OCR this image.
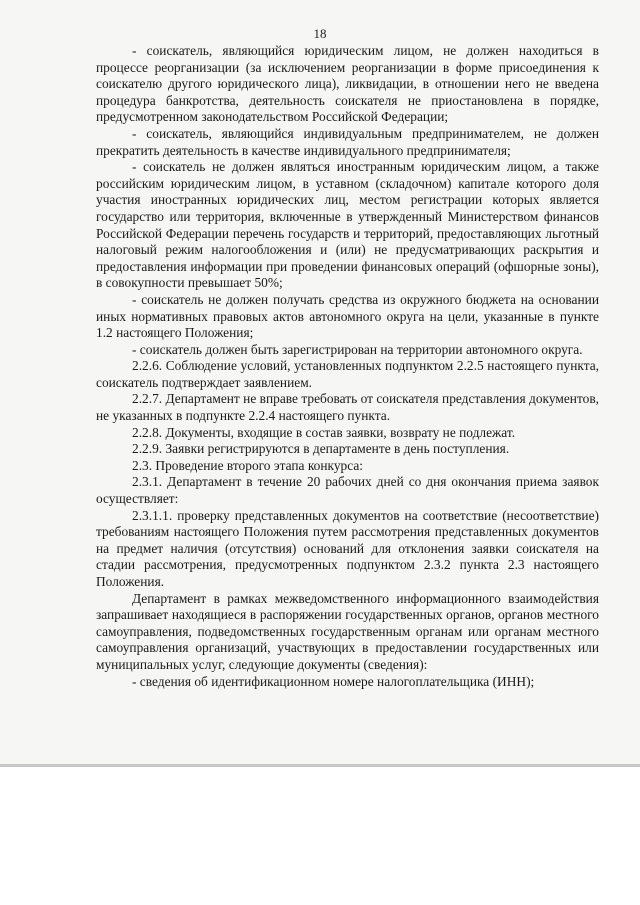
18

- соискатель, являющийся юридическим лицом, не должен находиться в процессе реорганизации (за исключением реорганизации в форме присоединения к соискателю другого юридического лица), ликвидации, в отношении него не введена процедура банкротства, деятельность соискателя не приостановлена в порядке, предусмотренном законодательством Российской Федерации;

- соискатель, являющийся индивидуальным предпринимателем, не должен прекратить деятельность в качестве индивидуального предпринимателя;

- соискатель не должен являться иностранным юридическим лицом, а также российским юридическим лицом, в уставном (складочном) капитале которого доля участия иностранных юридических лиц, местом регистрации которых является государство или территория, включенные в утвержденный Министерством финансов Российской Федерации перечень государств и территорий, предоставляющих льготный налоговый режим налогообложения и (или) не предусматривающих раскрытия и предоставления информации при проведении финансовых операций (офшорные зоны), в совокупности превышает 50%;

- соискатель не должен получать средства из окружного бюджета на основании иных нормативных правовых актов автономного округа на цели, указанные в пункте 1.2 настоящего Положения;

- соискатель должен быть зарегистрирован на территории автономного округа.

2.2.6. Соблюдение условий, установленных подпунктом 2.2.5 настоящего пункта, соискатель подтверждает заявлением.

2.2.7. Департамент не вправе требовать от соискателя представления документов, не указанных в подпункте 2.2.4 настоящего пункта.

2.2.8. Документы, входящие в состав заявки, возврату не подлежат.

2.2.9. Заявки регистрируются в департаменте в день поступления.

2.3. Проведение второго этапа конкурса:

2.3.1. Департамент в течение 20 рабочих дней со дня окончания приема заявок осуществляет:

2.3.1.1. проверку представленных документов на соответствие (несоответствие) требованиям настоящего Положения путем рассмотрения представленных документов на предмет наличия (отсутствия) оснований для отклонения заявки соискателя на стадии рассмотрения, предусмотренных подпунктом 2.3.2 пункта 2.3 настоящего Положения.

Департамент в рамках межведомственного информационного взаимодействия запрашивает находящиеся в распоряжении государственных органов, органов местного самоуправления, подведомственных государственным органам или органам местного самоуправления организаций, участвующих в предоставлении государственных или муниципальных услуг, следующие документы (сведения):

- сведения об идентификационном номере налогоплательщика (ИНН);
